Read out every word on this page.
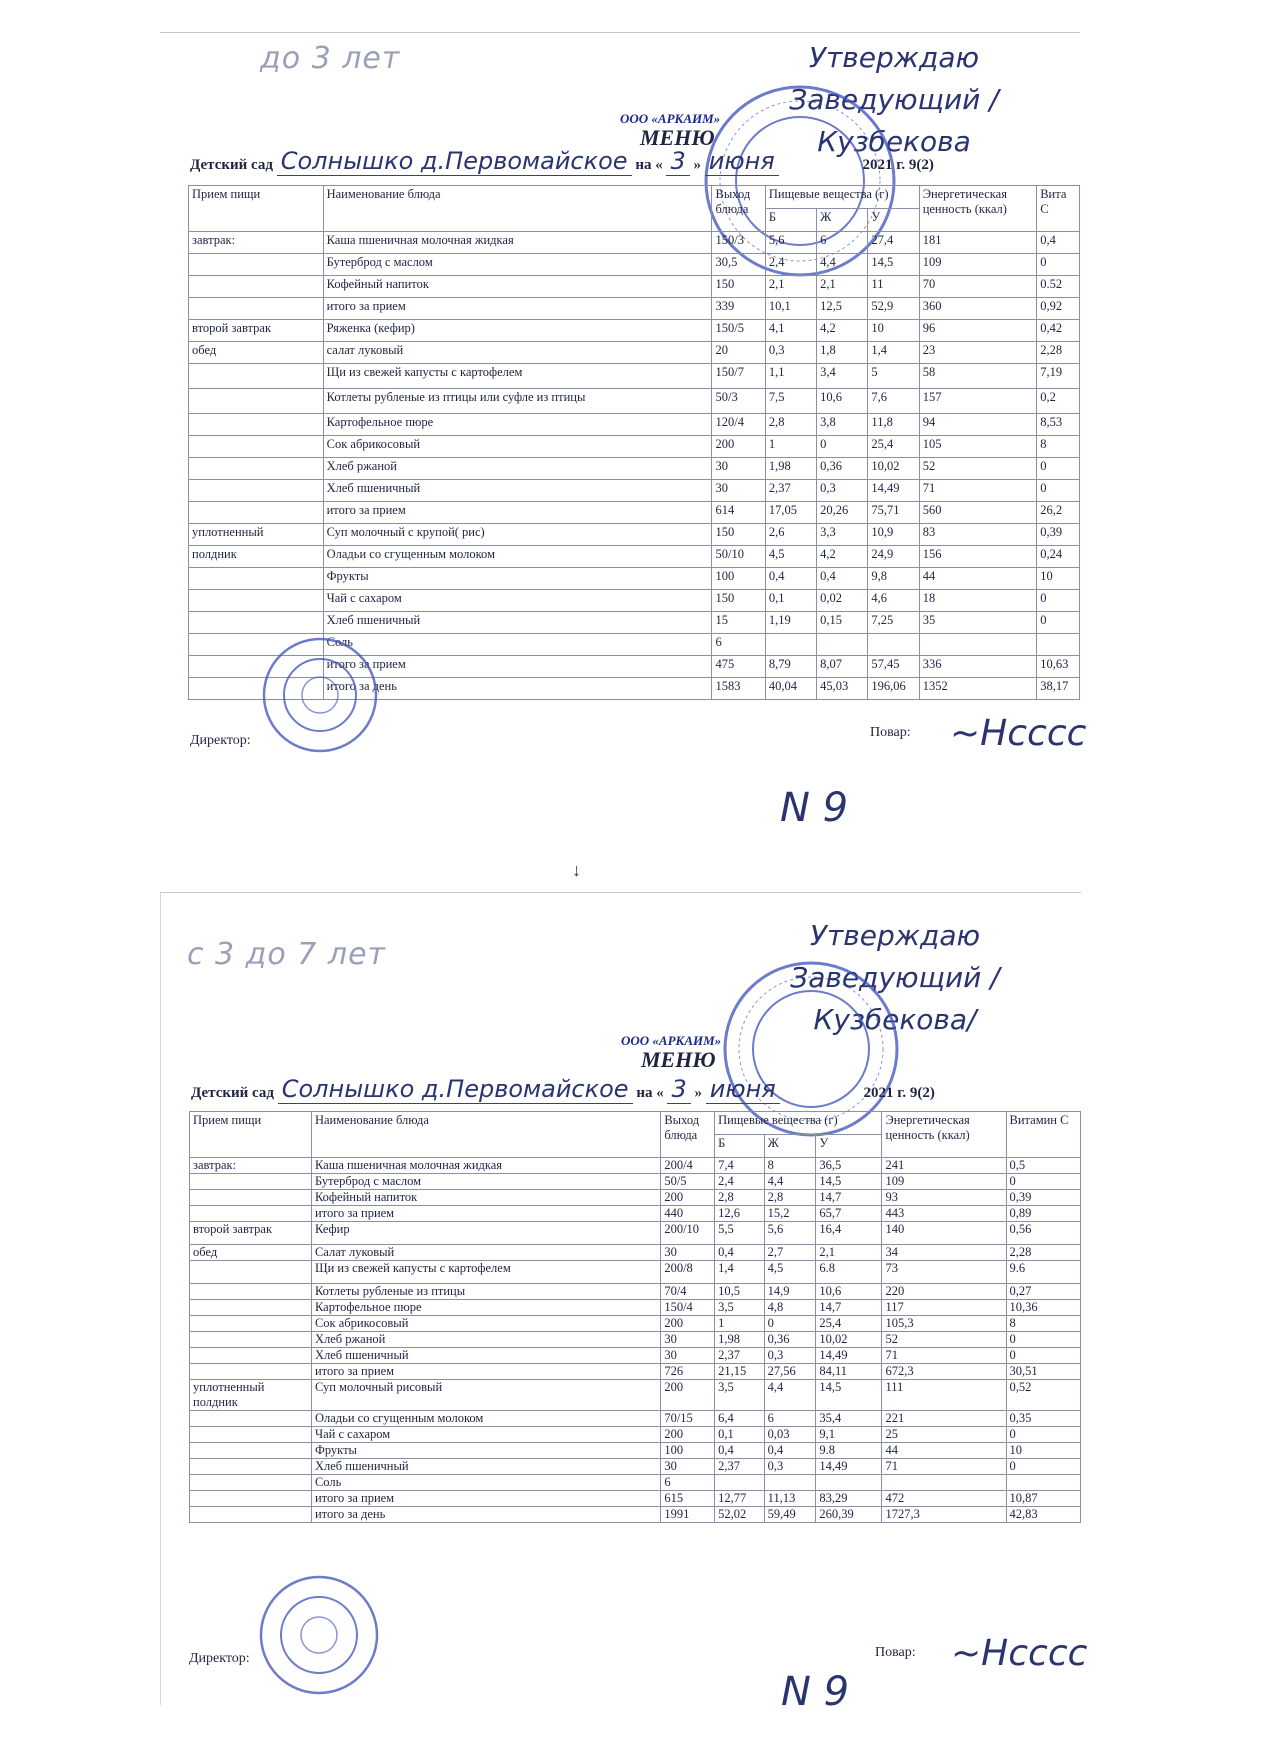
до 3 лет	Утверждаю Заведующий /Кузбекова
ООО «АРКАИМ»
МЕНЮ
Детский сад Солнышко д.Первомайское на « 3 » июня	2021 г. 9(2)
Прием пищи	Наименование блюда	Выход блюда	Пищевые вещества (г)			Энергетическая ценность (ккал)	Вита С
			Б	Ж	У		
завтрак:	Каша пшеничная молочная жидкая	150/3	5,6	6	27,4	181	0,4
	Бутерброд с маслом	30,5	2,4	4,4	14,5	109	0
	Кофейный напиток	150	2,1	2,1	11	70	0.52
	итого за прием	339	10,1	12,5	52,9	360	0,92
второй завтрак	Ряженка (кефир)	150/5	4,1	4,2	10	96	0,42
обед	салат луковый	20	0,3	1,8	1,4	23	2,28
	Щи из свежей капусты с картофелем	150/7	1,1	3,4	5	58	7,19
	Котлеты рубленые из птицы или суфле из птицы	50/3	7,5	10,6	7,6	157	0,2
	Картофельное пюре	120/4	2,8	3,8	11,8	94	8,53
	Сок абрикосовый	200	1	0	25,4	105	8
	Хлеб ржаной	30	1,98	0,36	10,02	52	0
	Хлеб пшеничный	30	2,37	0,3	14,49	71	0
	итого за прием	614	17,05	20,26	75,71	560	26,2
уплотненный	Суп молочный с крупой( рис)	150	2,6	3,3	10,9	83	0,39
полдник	Оладьи со сгущенным молоком	50/10	4,5	4,2	24,9	156	0,24
	Фрукты	100	0,4	0,4	9,8	44	10
	Чай с сахаром	150	0,1	0,02	4,6	18	0
	Хлеб пшеничный	15	1,19	0,15	7,25	35	0
	Соль	6					
	итого за прием	475	8,79	8,07	57,45	336	10,63
	итого за день	1583	40,04	45,03	196,06	1352	38,17
Директор:
Повар: ~Hcccc
N 9
↓
с 3 до 7 лет
Утверждаю Заведующий /Кузбекова/
ООО «АРКАИМ»
МЕНЮ
Детский сад Солнышко д.Первомайское на « 3 » июня	2021 г. 9(2)
Прием пищи	Наименование блюда	Выход блюда	Пищевые вещества (г)			Энергетическая ценность (ккал)	Витамин С
			Б	Ж	У		
завтрак:	Каша пшеничная молочная жидкая	200/4	7,4	8	36,5	241	0,5
	Бутерброд с маслом	50/5	2,4	4,4	14,5	109	0
	Кофейный напиток	200	2,8	2,8	14,7	93	0,39
	итого за прием	440	12,6	15,2	65,7	443	0,89
второй завтрак	Кефир	200/10	5,5	5,6	16,4	140	0,56
обед	Салат луковый	30	0,4	2,7	2,1	34	2,28
	Щи из свежей капусты с картофелем	200/8	1,4	4,5	6.8	73	9.6
	Котлеты рубленые из птицы	70/4	10,5	14,9	10,6	220	0,27
	Картофельное пюре	150/4	3,5	4,8	14,7	117	10,36
	Сок абрикосовый	200	1	0	25,4	105,3	8
	Хлеб ржаной	30	1,98	0,36	10,02	52	0
	Хлеб пшеничный	30	2,37	0,3	14,49	71	0
	итого за прием	726	21,15	27,56	84,11	672,3	30,51
уплотненный полдник	Суп молочный рисовый	200	3,5	4,4	14,5	111	0,52
	Оладьи со сгущенным молоком	70/15	6,4	6	35,4	221	0,35
	Чай с сахаром	200	0,1	0,03	9,1	25	0
	Фрукты	100	0,4	0,4	9.8	44	10
	Хлеб пшеничный	30	2,37	0,3	14,49	71	0
	Соль	6					
	итого за прием	615	12,77	11,13	83,29	472	10,87
	итого за день	1991	52,02	59,49	260,39	1727,3	42,83
Директор:	Повар: ~Hcccc
N 9
